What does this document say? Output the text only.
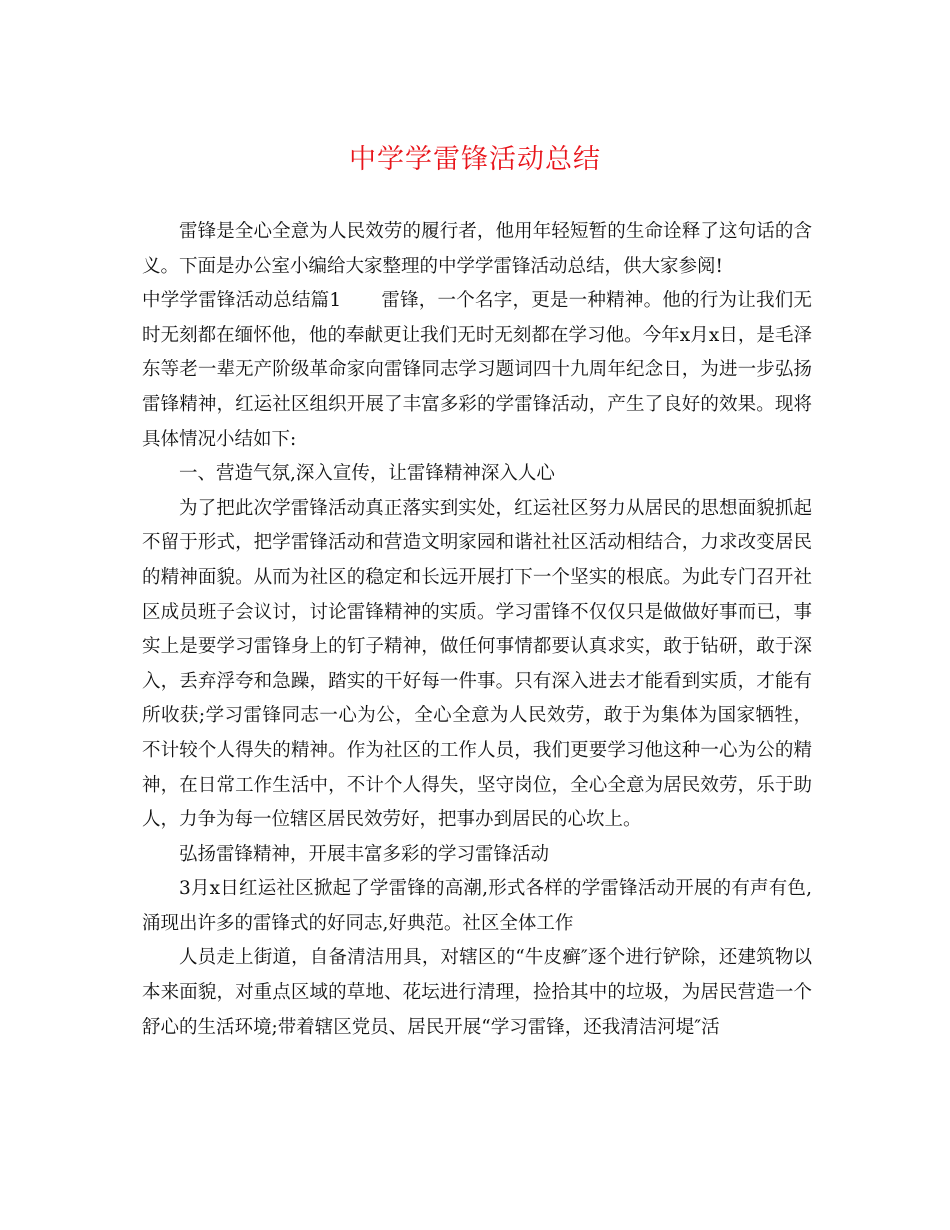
中学学雷锋活动总结

雷锋是全心全意为人民效劳的履行者，他用年轻短暂的生命诠释了这句话的含义。下面是办公室小编给大家整理的中学学雷锋活动总结，供大家参阅!

中学学雷锋活动总结篇1 雷锋，一个名字，更是一种精神。他的行为让我们无时无刻都在缅怀他，他的奉献更让我们无时无刻都在学习他。今年x月x日，是毛泽东等老一辈无产阶级革命家向雷锋同志学习题词四十九周年纪念日，为进一步弘扬雷锋精神，红运社区组织开展了丰富多彩的学雷锋活动，产生了良好的效果。现将具体情况小结如下:

一、营造气氛,深入宣传，让雷锋精神深入人心

为了把此次学雷锋活动真正落实到实处，红运社区努力从居民的思想面貌抓起不留于形式，把学雷锋活动和营造文明家园和谐社社区活动相结合，力求改变居民的精神面貌。从而为社区的稳定和长远开展打下一个坚实的根底。为此专门召开社区成员班子会议讨，讨论雷锋精神的实质。学习雷锋不仅仅只是做做好事而已，事实上是要学习雷锋身上的钉子精神，做任何事情都要认真求实，敢于钻研，敢于深入，丢弃浮夸和急躁，踏实的干好每一件事。只有深入进去才能看到实质，才能有所收获;学习雷锋同志一心为公，全心全意为人民效劳，敢于为集体为国家牺牲，不计较个人得失的精神。作为社区的工作人员，我们更要学习他这种一心为公的精神，在日常工作生活中，不计个人得失，坚守岗位，全心全意为居民效劳，乐于助人，力争为每一位辖区居民效劳好，把事办到居民的心坎上。

弘扬雷锋精神，开展丰富多彩的学习雷锋活动

3月x日红运社区掀起了学雷锋的高潮,形式各样的学雷锋活动开展的有声有色,涌现出许多的雷锋式的好同志,好典范。社区全体工作

人员走上街道，自备清洁用具，对辖区的“牛皮癣″逐个进行铲除，还建筑物以本来面貌，对重点区域的草地、花坛进行清理，捡拾其中的垃圾，为居民营造一个舒心的生活环境;带着辖区党员、居民开展“学习雷锋，还我清洁河堤″活
